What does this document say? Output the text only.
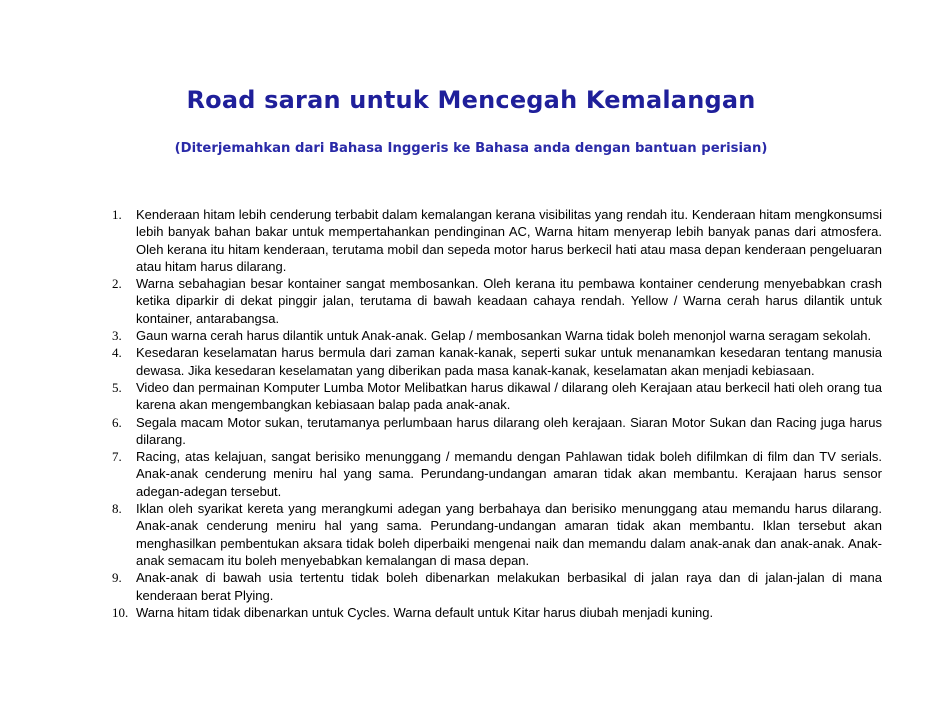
Road saran untuk Mencegah Kemalangan
(Diterjemahkan dari Bahasa Inggeris ke Bahasa anda dengan bantuan perisian)
1. Kenderaan hitam lebih cenderung terbabit dalam kemalangan kerana visibilitas yang rendah itu. Kenderaan hitam mengkonsumsi lebih banyak bahan bakar untuk mempertahankan pendinginan AC, Warna hitam menyerap lebih banyak panas dari atmosfera. Oleh kerana itu hitam kenderaan, terutama mobil dan sepeda motor harus berkecil hati atau masa depan kenderaan pengeluaran atau hitam harus dilarang.
2. Warna sebahagian besar kontainer sangat membosankan. Oleh kerana itu pembawa kontainer cenderung menyebabkan crash ketika diparkir di dekat pinggir jalan, terutama di bawah keadaan cahaya rendah. Yellow / Warna cerah harus dilantik untuk kontainer, antarabangsa.
3. Gaun warna cerah harus dilantik untuk Anak-anak. Gelap / membosankan Warna tidak boleh menonjol warna seragam sekolah.
4. Kesedaran keselamatan harus bermula dari zaman kanak-kanak, seperti sukar untuk menanamkan kesedaran tentang manusia dewasa. Jika kesedaran keselamatan yang diberikan pada masa kanak-kanak, keselamatan akan menjadi kebiasaan.
5. Video dan permainan Komputer Lumba Motor Melibatkan harus dikawal / dilarang oleh Kerajaan atau berkecil hati oleh orang tua karena akan mengembangkan kebiasaan balap pada anak-anak.
6. Segala macam Motor sukan, terutamanya perlumbaan harus dilarang oleh kerajaan. Siaran Motor Sukan dan Racing juga harus dilarang.
7. Racing, atas kelajuan, sangat berisiko menunggang / memandu dengan Pahlawan tidak boleh difilmkan di film dan TV serials. Anak-anak cenderung meniru hal yang sama. Perundang-undangan amaran tidak akan membantu. Kerajaan harus sensor adegan-adegan tersebut.
8. Iklan oleh syarikat kereta yang merangkumi adegan yang berbahaya dan berisiko menunggang atau memandu harus dilarang. Anak-anak cenderung meniru hal yang sama. Perundang-undangan amaran tidak akan membantu. Iklan tersebut akan menghasilkan pembentukan aksara tidak boleh diperbaiki mengenai naik dan memandu dalam anak-anak dan anak-anak. Anak-anak semacam itu boleh menyebabkan kemalangan di masa depan.
9. Anak-anak di bawah usia tertentu tidak boleh dibenarkan melakukan berbasikal di jalan raya dan di jalan-jalan di mana kenderaan berat Plying.
10. Warna hitam tidak dibenarkan untuk Cycles. Warna default untuk Kitar harus diubah menjadi kuning.
